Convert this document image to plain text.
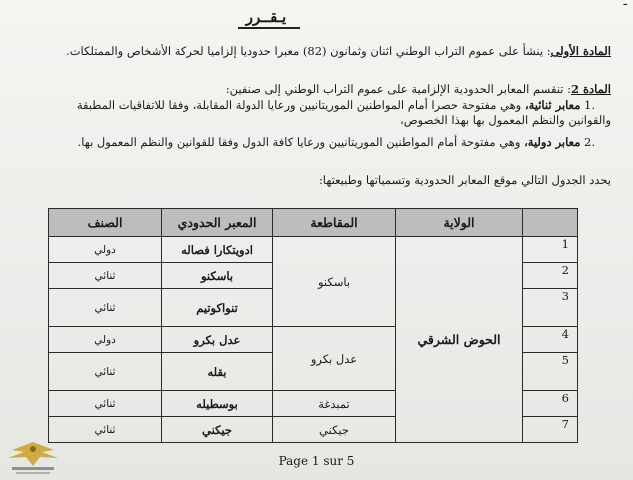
ـ
يـقــرر
المادة الأولى: ينشأ على عموم التراب الوطني اثنان وثمانون (82) معبرا حدوديا إلزاميا لحركة الأشخاص والممتلكات.
المادة 2: تنقسم المعابر الحدودية الإلزامية على عموم التراب الوطني إلى صنفين:
.1 معابر ثنائية، وهي مفتوحة حصرا أمام المواطنين الموريتانيين ورعايا الدولة المقابلة، وفقا للاتفاقيات المطبقة
والقوانين والنظم المعمول بها بهذا الخصوص،
.2 معابر دولية، وهي مفتوحة أمام المواطنين الموريتانيين ورعايا كافة الدول وفقا للقوانين والنظم المعمول بها.
يحدد الجدول التالي موقع المعابر الحدودية وتسمياتها وطبيعتها:
	الولاية	المقاطعة	المعبر الحدودي	الصنف
1	الحوض الشرقي	باسكنو	ادويتكارا فصاله	دولي
2			باسكنو	ثنائي
3			تنواكوتيم	ثنائي
4		عدل بكرو	عدل بكرو	دولي
5			بقله	ثنائي
6		تمبدغة	بوسطيله	ثنائي
7		جيكني	جيكني	ثنائي
Page 1 sur 5
